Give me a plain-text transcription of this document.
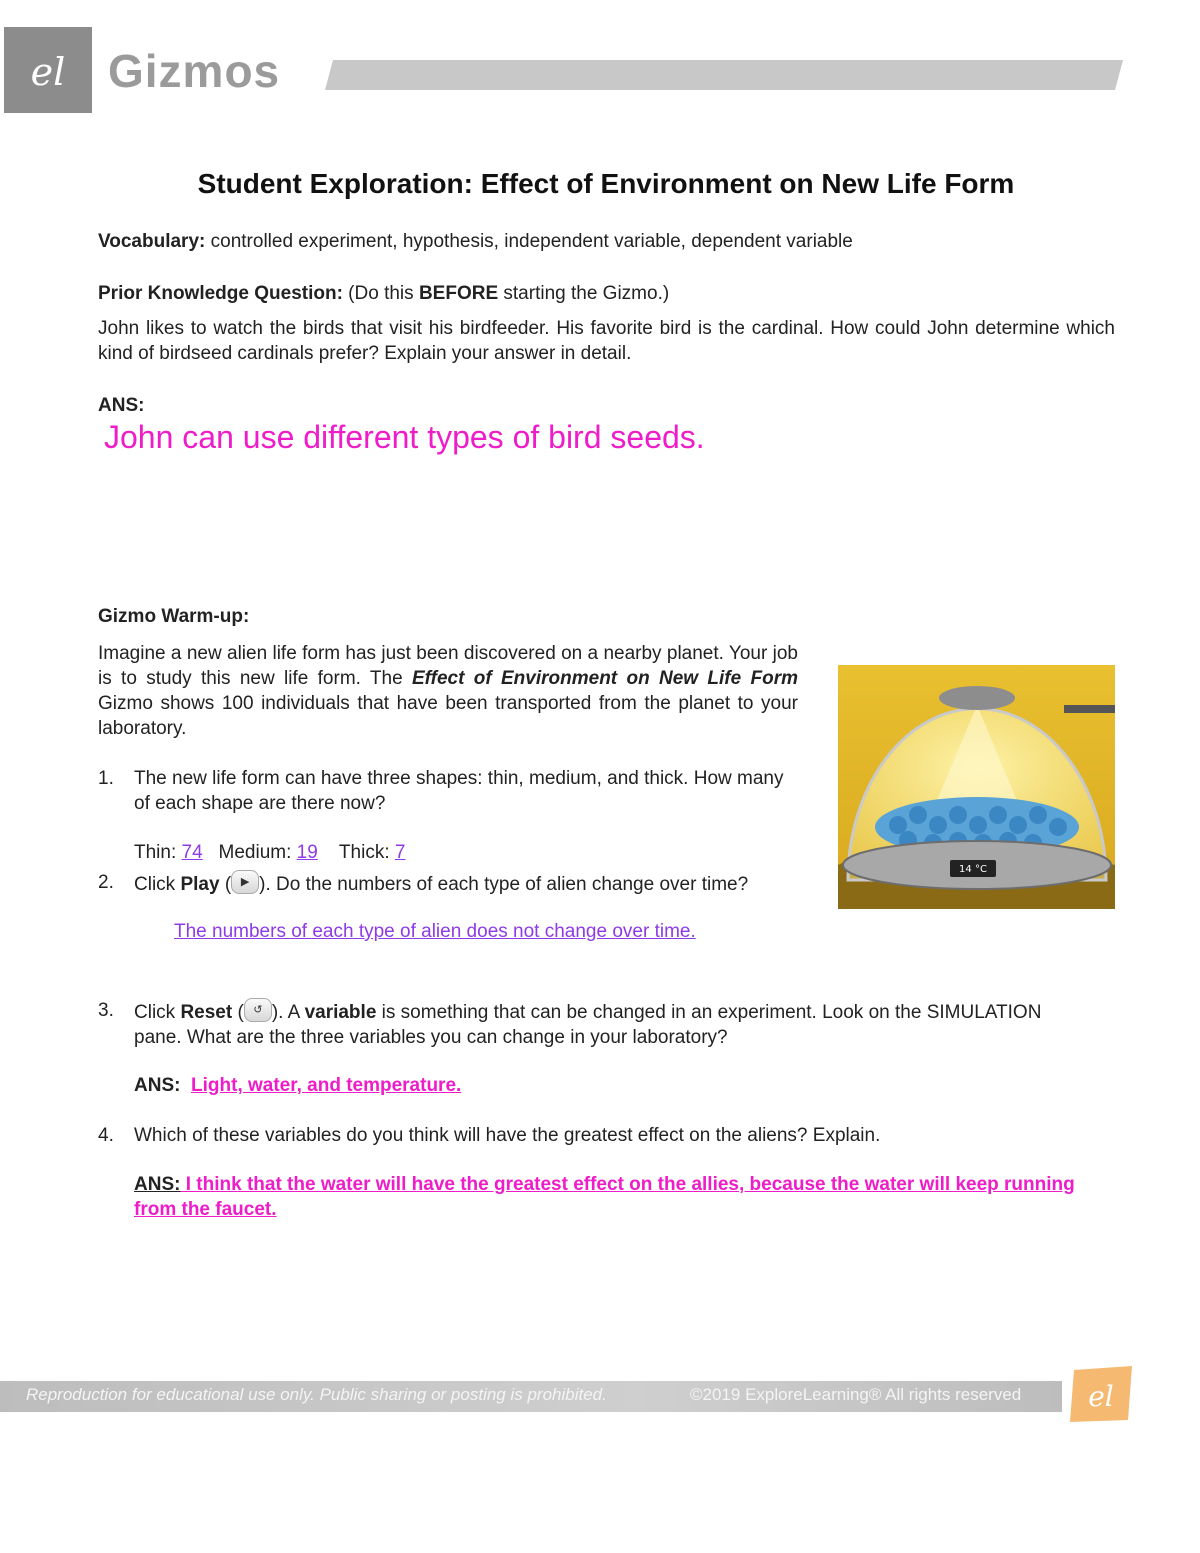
el Gizmos
Student Exploration: Effect of Environment on New Life Form
Vocabulary: controlled experiment, hypothesis, independent variable, dependent variable
Prior Knowledge Question: (Do this BEFORE starting the Gizmo.)
John likes to watch the birds that visit his birdfeeder. His favorite bird is the cardinal. How could John determine which kind of birdseed cardinals prefer? Explain your answer in detail.
ANS:
John can use different types of bird seeds.
Gizmo Warm-up:
Imagine a new alien life form has just been discovered on a nearby planet. Your job is to study this new life form. The Effect of Environment on New Life Form Gizmo shows 100 individuals that have been transported from the planet to your laboratory.
14 °C
1. The new life form can have three shapes: thin, medium, and thick. How many of each shape are there now?
Thin: 74 Medium: 19 Thick: 7
2. Click Play ( ▶ ). Do the numbers of each type of alien change over time?
The numbers of each type of alien does not change over time.
3. Click Reset ( ↺ ). A variable is something that can be changed in an experiment. Look on the SIMULATION pane. What are the three variables you can change in your laboratory?
ANS: Light, water, and temperature.
4. Which of these variables do you think will have the greatest effect on the aliens? Explain.
ANS: I think that the water will have the greatest effect on the allies, because the water will keep running from the faucet.
Reproduction for educational use only. Public sharing or posting is prohibited.	©2019 ExploreLearning® All rights reserved el
